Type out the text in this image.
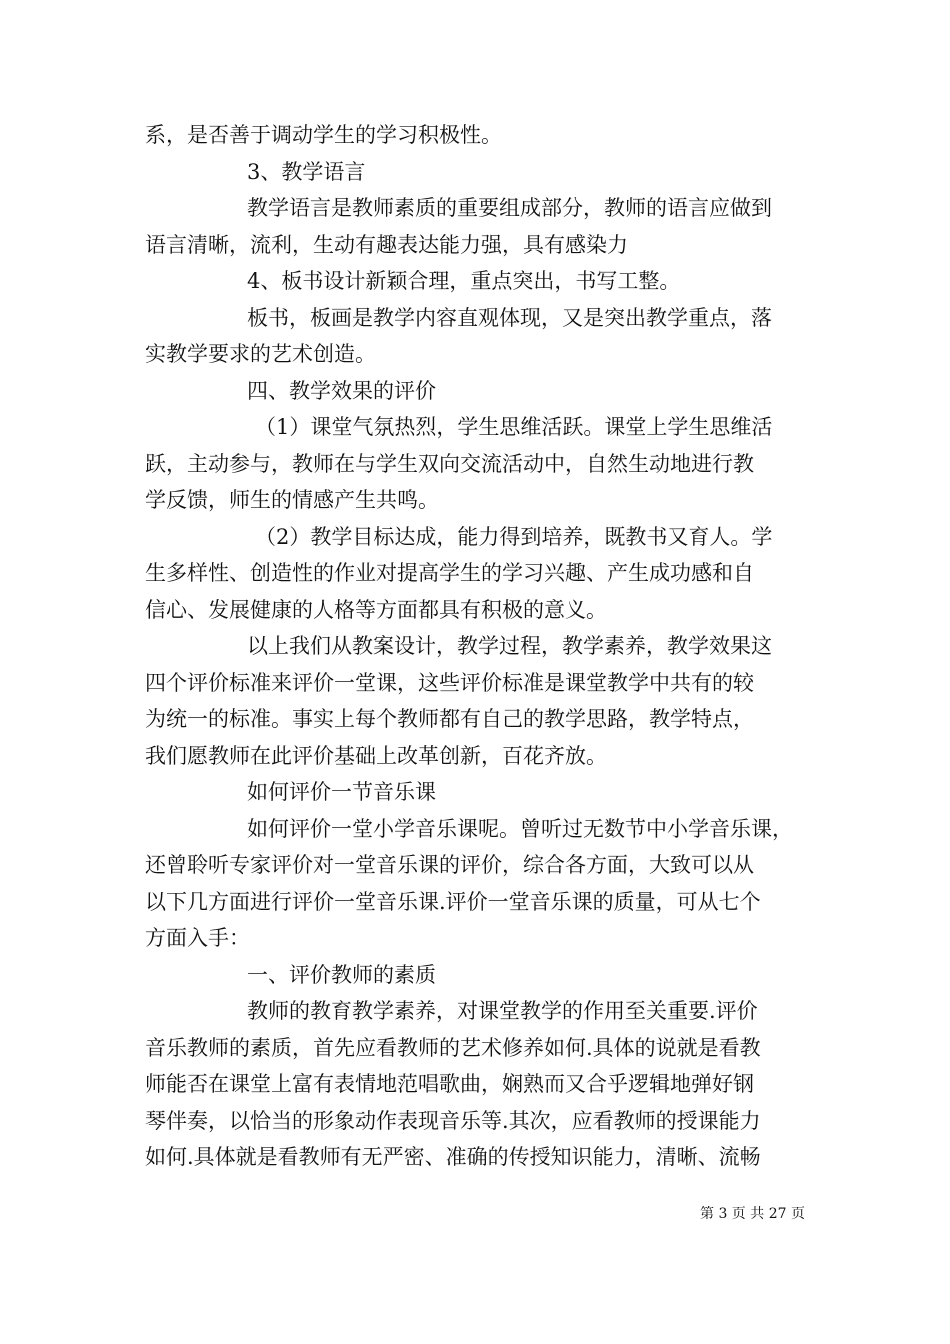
系，是否善于调动学生的学习积极性。
3、教学语言
教学语言是教师素质的重要组成部分，教师的语言应做到
语言清晰，流利，生动有趣表达能力强，具有感染力
4、板书设计新颖合理，重点突出，书写工整。
板书，板画是教学内容直观体现，又是突出教学重点，落
实教学要求的艺术创造。
四、教学效果的评价
（1）课堂气氛热烈，学生思维活跃。课堂上学生思维活
跃，主动参与，教师在与学生双向交流活动中，自然生动地进行教
学反馈，师生的情感产生共鸣。
（2）教学目标达成，能力得到培养，既教书又育人。学
生多样性、创造性的作业对提高学生的学习兴趣、产生成功感和自
信心、发展健康的人格等方面都具有积极的意义。
以上我们从教案设计，教学过程，教学素养，教学效果这
四个评价标准来评价一堂课，这些评价标准是课堂教学中共有的较
为统一的标准。事实上每个教师都有自己的教学思路，教学特点，
我们愿教师在此评价基础上改革创新，百花齐放。
如何评价一节音乐课
如何评价一堂小学音乐课呢。曾听过无数节中小学音乐课，
还曾聆听专家评价对一堂音乐课的评价，综合各方面，大致可以从
以下几方面进行评价一堂音乐课.评价一堂音乐课的质量，可从七个
方面入手：
一、评价教师的素质
教师的教育教学素养，对课堂教学的作用至关重要.评价
音乐教师的素质，首先应看教师的艺术修养如何.具体的说就是看教
师能否在课堂上富有表情地范唱歌曲，娴熟而又合乎逻辑地弹好钢
琴伴奏，以恰当的形象动作表现音乐等.其次，应看教师的授课能力
如何.具体就是看教师有无严密、准确的传授知识能力，清晰、流畅
第 3 页 共 27 页
